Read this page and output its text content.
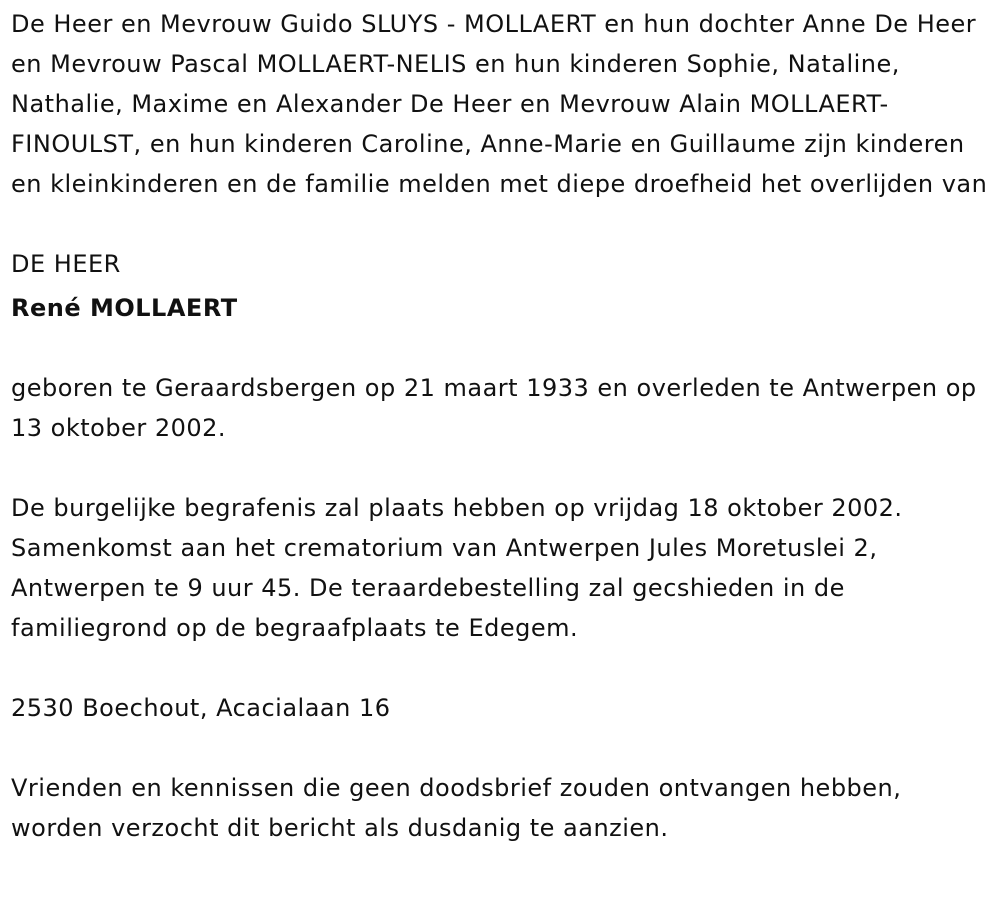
De Heer en Mevrouw Guido SLUYS - MOLLAERT en hun dochter Anne De Heer en Mevrouw Pascal MOLLAERT-NELIS en hun kinderen Sophie, Nataline, Nathalie, Maxime en Alexander De Heer en Mevrouw Alain MOLLAERT-FINOULST, en hun kinderen Caroline, Anne-Marie en Guillaume zijn kinderen en kleinkinderen en de familie melden met diepe droefheid het overlijden van

DE HEER
René MOLLAERT

geboren te Geraardsbergen op 21 maart 1933 en overleden te Antwerpen op 13 oktober 2002.

De burgelijke begrafenis zal plaats hebben op vrijdag 18 oktober 2002. Samenkomst aan het crematorium van Antwerpen Jules Moretuslei 2, Antwerpen te 9 uur 45. De teraardebestelling zal gecshieden in de familiegrond op de begraafplaats te Edegem.

2530 Boechout, Acacialaan 16

Vrienden en kennissen die geen doodsbrief zouden ontvangen hebben, worden verzocht dit bericht als dusdanig te aanzien.
